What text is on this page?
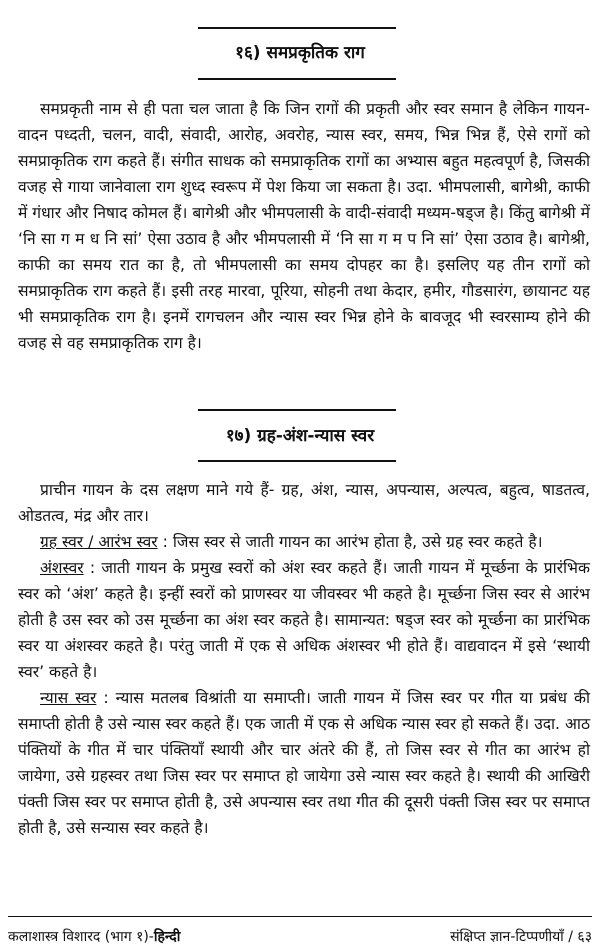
१६) समप्रकृतिक राग

समप्रकृती नाम से ही पता चल जाता है कि जिन रागों की प्रकृती और स्वर समान है लेकिन गायन-वादन पध्दती, चलन, वादी, संवादी, आरोह, अवरोह, न्यास स्वर, समय, भिन्न भिन्न हैं, ऐसे रागों को समप्राकृतिक राग कहते हैं। संगीत साधक को समप्राकृतिक रागों का अभ्यास बहुत महत्वपूर्ण है, जिसकी वजह से गाया जानेवाला राग शुध्द स्वरूप में पेश किया जा सकता है। उदा. भीमपलासी, बागेश्री, काफी में गंधार और निषाद कोमल हैं। बागेश्री और भीमपलासी के वादी-संवादी मध्यम-षड्ज है। किंतु बागेश्री में ‘नि सा ग म ध नि सां’ ऐसा उठाव है और भीमपलासी में ‘नि सा ग म प नि सां’ ऐसा उठाव है। बागेश्री, काफी का समय रात का है, तो भीमपलासी का समय दोपहर का है। इसलिए यह तीन रागों को समप्राकृतिक राग कहते हैं। इसी तरह मारवा, पूरिया, सोहनी तथा केदार, हमीर, गौडसारंग, छायानट यह भी समप्राकृतिक राग है। इनमें रागचलन और न्यास स्वर भिन्न होने के बावजूद भी स्वरसाम्य होने की वजह से वह समप्राकृतिक राग है।

१७) ग्रह-अंश-न्यास स्वर

प्राचीन गायन के दस लक्षण माने गये हैं- ग्रह, अंश, न्यास, अपन्यास, अल्पत्व, बहुत्व, षाडतत्व, ओडतत्व, मंद्र और तार।

ग्रह स्वर / आरंभ स्वर : जिस स्वर से जाती गायन का आरंभ होता है, उसे ग्रह स्वर कहते है।

अंशस्वर : जाती गायन के प्रमुख स्वरों को अंश स्वर कहते हैं। जाती गायन में मूर्च्छना के प्रारंभिक स्वर को ‘अंश’ कहते है। इन्हीं स्वरों को प्राणस्वर या जीवस्वर भी कहते है। मूर्च्छना जिस स्वर से आरंभ होती है उस स्वर को उस मूर्च्छना का अंश स्वर कहते है। सामान्यत: षड्ज स्वर को मूर्च्छना का प्रारंभिक स्वर या अंशस्वर कहते है। परंतु जाती में एक से अधिक अंशस्वर भी होते हैं। वाद्यवादन में इसे ‘स्थायी स्वर’ कहते है।

न्यास स्वर : न्यास मतलब विश्रांती या समाप्ती। जाती गायन में जिस स्वर पर गीत या प्रबंध की समाप्ती होती है उसे न्यास स्वर कहते हैं। एक जाती में एक से अधिक न्यास स्वर हो सकते हैं। उदा. आठ पंक्तियों के गीत में चार पंक्तियाँ स्थायी और चार अंतरे की हैं, तो जिस स्वर से गीत का आरंभ हो जायेगा, उसे ग्रहस्वर तथा जिस स्वर पर समाप्त हो जायेगा उसे न्यास स्वर कहते है। स्थायी की आखिरी पंक्ती जिस स्वर पर समाप्त होती है, उसे अपन्यास स्वर तथा गीत की दूसरी पंक्ती जिस स्वर पर समाप्त होती है, उसे सन्यास स्वर कहते है।

कलाशास्त्र विशारद (भाग १)-हिन्दी	संक्षिप्त ज्ञान-टिप्पणीयाँ / ६३
